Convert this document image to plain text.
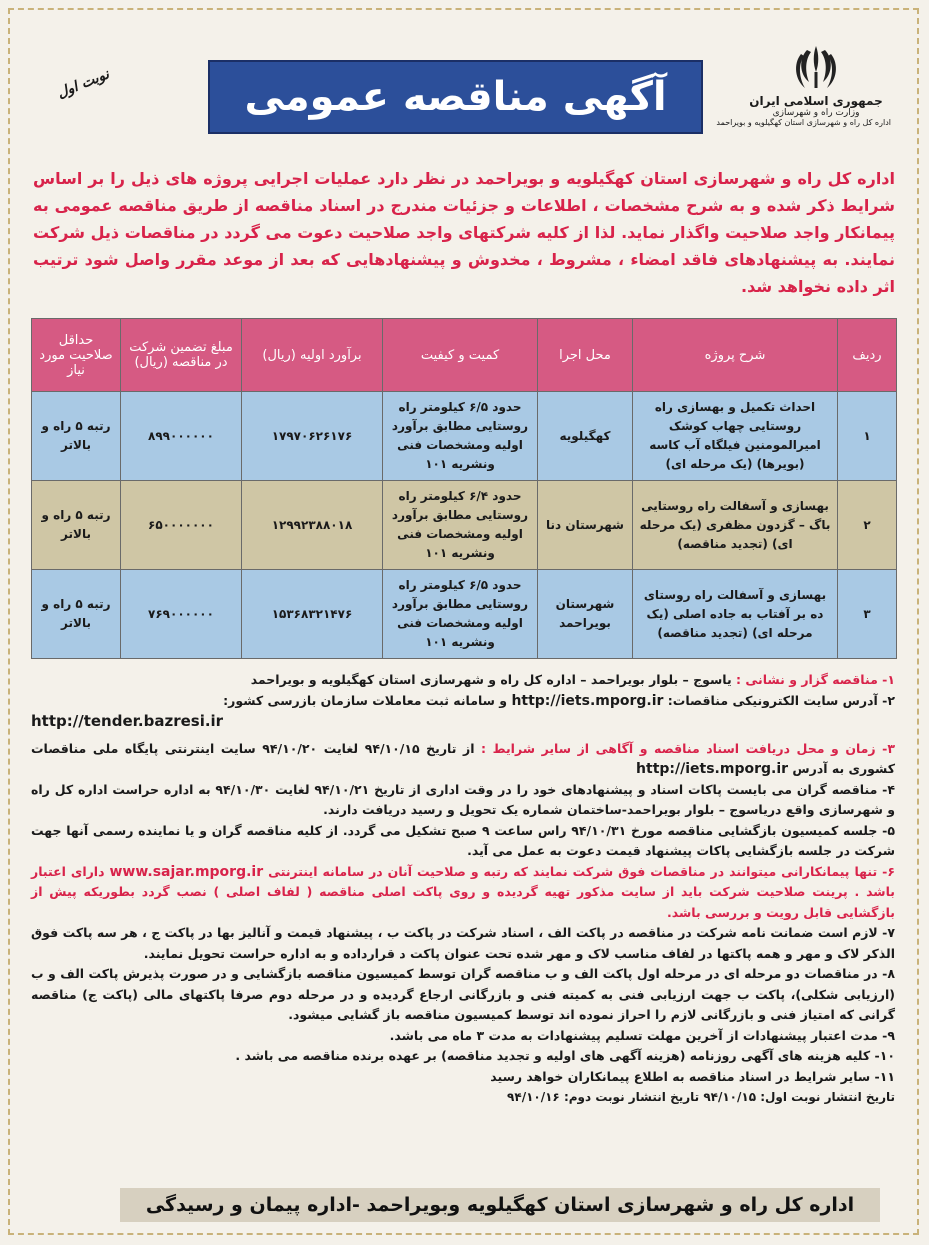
جمهوری اسلامی ایران
وزارت راه و شهرسازی
اداره کل راه و شهرسازی استان کهگیلویه و بویراحمد
آگهی مناقصه عمومی
نوبت اول
اداره کل راه و شهرسازی استان کهگیلویه و بویراحمد در نظر دارد عملیات اجرایی پروژه های ذیل را بر اساس شرایط ذکر شده و به شرح مشخصات ، اطلاعات و جزئیات مندرج در اسناد مناقصه از طریق مناقصه عمومی به پیمانکار واجد صلاحیت واگذار نماید. لذا از کلیه شرکتهای واجد صلاحیت دعوت می گردد در مناقصات ذیل شرکت نمایند. به پیشنهادهای فاقد امضاء ، مشروط ، مخدوش و پیشنهادهایی که بعد از موعد مقرر واصل شود ترتیب اثر داده نخواهد شد.
ردیف	شرح پروژه	محل اجرا	کمیت و کیفیت	برآورد اولیه (ریال)	مبلغ تضمین شرکت در مناقصه (ریال)	حداقل صلاحیت مورد نیاز
۱	احداث تکمیل و بهسازی راه روستایی چهاب کوشک امیرالمومنین فیلگاه آب کاسه (بویرها) (یک مرحله ای)	کهگیلویه	حدود ۶/۵ کیلومتر راه روستایی مطابق برآورد اولیه ومشخصات فنی ونشریه ۱۰۱	۱۷۹۷۰۶۲۶۱۷۶	۸۹۹۰۰۰۰۰۰	رتبه ۵ راه و بالاتر
۲	بهسازی و آسفالت راه روستایی باگ – گزدون مظفری (یک مرحله ای) (تجدید مناقصه)	شهرستان دنا	حدود ۶/۴ کیلومتر راه روستایی مطابق برآورد اولیه ومشخصات فنی ونشریه ۱۰۱	۱۲۹۹۲۳۸۸۰۱۸	۶۵۰۰۰۰۰۰۰	رتبه ۵ راه و بالاتر
۳	بهسازی و آسفالت راه روستای ده بر آفتاب به جاده اصلی (یک مرحله ای) (تجدید مناقصه)	شهرستان بویراحمد	حدود ۶/۵ کیلومتر راه روستایی مطابق برآورد اولیه ومشخصات فنی ونشریه ۱۰۱	۱۵۳۶۸۳۲۱۴۷۶	۷۶۹۰۰۰۰۰۰	رتبه ۵ راه و بالاتر

۱- مناقصه گزار و نشانی : یاسوج – بلوار بویراحمد – اداره کل راه و شهرسازی استان کهگیلویه و بویراحمد

۲- آدرس سایت الکترونیکی مناقصات: http://iets.mporg.ir و سامانه ثبت معاملات سازمان بازرسی کشور:

http://tender.bazresi.ir

۳- زمان و محل دریافت اسناد مناقصه و آگاهی از سایر شرایط : از تاریخ ۹۴/۱۰/۱۵ لغایت ۹۴/۱۰/۲۰ سایت اینترنتی پایگاه ملی مناقصات کشوری به آدرس http://iets.mporg.ir

۴- مناقصه گران می بایست پاکات اسناد و پیشنهادهای خود را در وقت اداری از تاریخ ۹۴/۱۰/۲۱ لغایت ۹۴/۱۰/۳۰ به اداره حراست اداره کل راه و شهرسازی واقع دریاسوج – بلوار بویراحمد-ساختمان شماره یک تحویل و رسید دریافت دارند.

۵- جلسه کمیسیون بازگشایی مناقصه مورخ ۹۴/۱۰/۳۱ راس ساعت ۹ صبح تشکیل می گردد. از کلیه مناقصه گران و یا نماینده رسمی آنها جهت شرکت در جلسه بازگشایی پاکات پیشنهاد قیمت دعوت به عمل می آید.

۶- تنها پیمانکارانی میتوانند در مناقصات فوق شرکت نمایند که رتبه و صلاحیت آنان در سامانه اینترنتی www.sajar.mporg.ir دارای اعتبار باشد . پرینت صلاحیت شرکت باید از سایت مذکور تهیه گردیده و روی پاکت اصلی مناقصه ( لفاف اصلی ) نصب گردد بطوریکه پیش از بازگشایی قابل رویت و بررسی باشد.

۷- لازم است ضمانت نامه شرکت در مناقصه در پاکت الف ، اسناد شرکت در پاکت ب ، پیشنهاد قیمت و آنالیز بها در پاکت ج ، هر سه پاکت فوق الذکر لاک و مهر و همه پاکتها در لفاف مناسب لاک و مهر شده تحت عنوان پاکت د قرارداده و به اداره حراست تحویل نمایند.

۸- در مناقصات دو مرحله ای در مرحله اول پاکت الف و ب مناقصه گران توسط کمیسیون مناقصه بازگشایی و در صورت پذیرش پاکت الف و ب (ارزیابی شکلی)، پاکت ب جهت ارزیابی فنی به کمیته فنی و بازرگانی ارجاع گردیده و در مرحله دوم صرفا پاکتهای مالی (پاکت ج) مناقصه گرانی که امتیاز فنی و بازرگانی لازم را احراز نموده اند توسط کمیسیون مناقصه باز گشایی میشود.

۹- مدت اعتبار پیشنهادات از آخرین مهلت تسلیم پیشنهادات به مدت ۳ ماه می باشد.

۱۰- کلیه هزینه های آگهی روزنامه (هزینه آگهی های اولیه و تجدید مناقصه) بر عهده برنده مناقصه می باشد .

۱۱- سایر شرایط در اسناد مناقصه به اطلاع پیمانکاران خواهد رسید

تاریخ انتشار نوبت اول: ۹۴/۱۰/۱۵ تاریخ انتشار نوبت دوم: ۹۴/۱۰/۱۶

اداره کل راه و شهرسازی استان کهگیلویه وبویراحمد -اداره پیمان و رسیدگی
